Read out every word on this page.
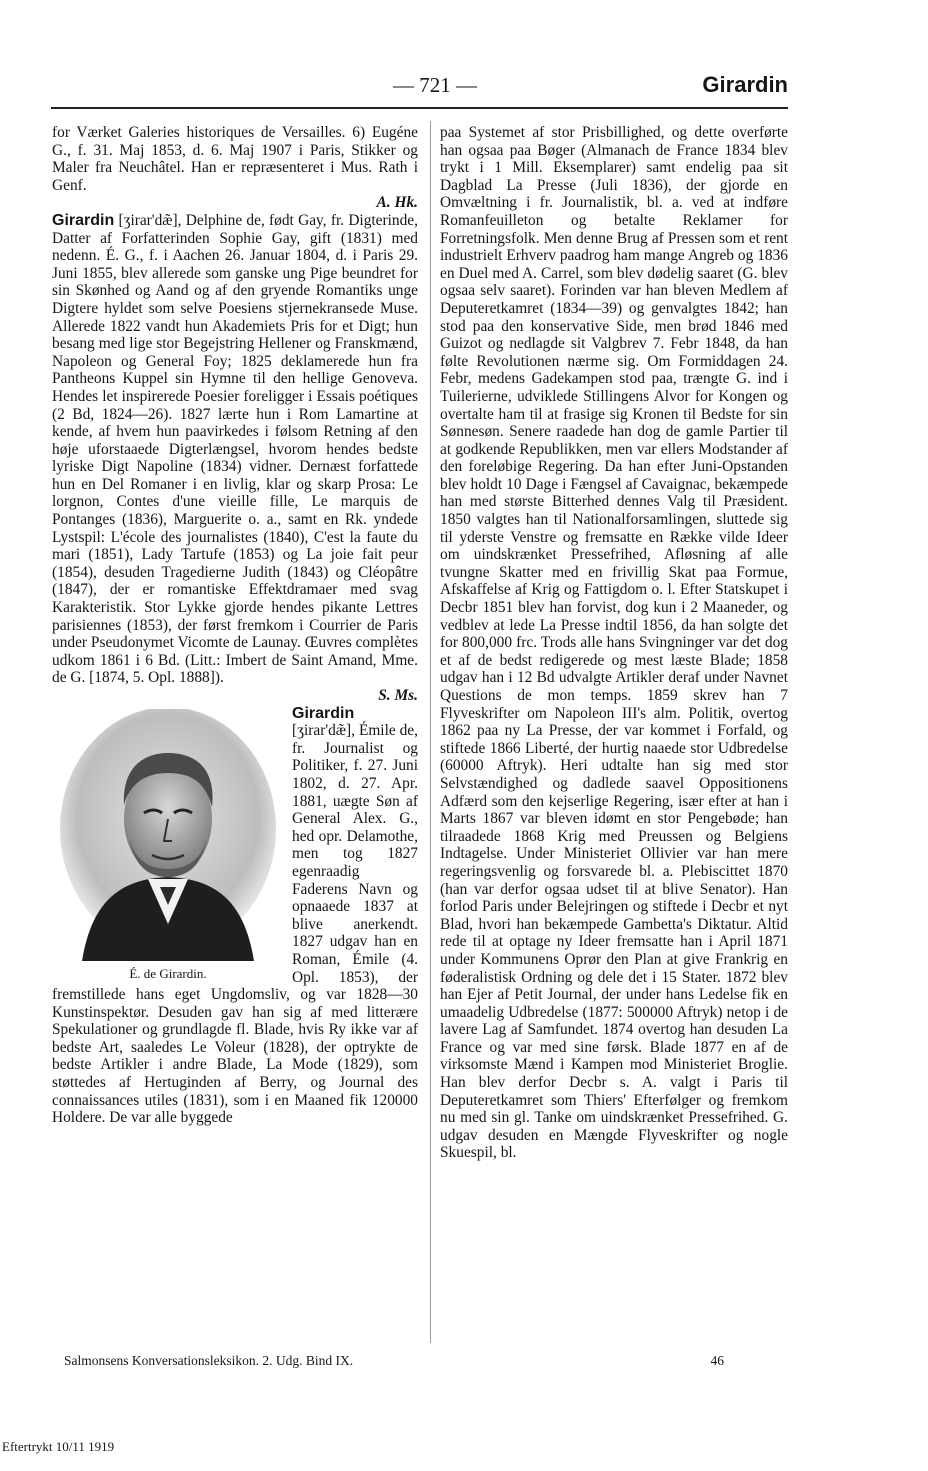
— 721 —	Girardin

for Værket Galeries historiques de Versailles. 6) Eugéne G., f. 31. Maj 1853, d. 6. Maj 1907 i Paris, Stikker og Maler fra Neuchâtel. Han er repræsenteret i Mus. Rath i Genf.

A. Hk.

Girardin [ʒirar'dæ̃], Delphine de, født Gay, fr. Digterinde, Datter af Forfatterinden Sophie Gay, gift (1831) med nedenn. É. G., f. i Aachen 26. Januar 1804, d. i Paris 29. Juni 1855, blev allerede som ganske ung Pige beundret for sin Skønhed og Aand og af den gryende Romantiks unge Digtere hyldet som selve Poesiens stjernekransede Muse. Allerede 1822 vandt hun Akademiets Pris for et Digt; hun besang med lige stor Begejstring Hellener og Franskmænd, Napoleon og General Foy; 1825 deklamerede hun fra Pantheons Kuppel sin Hymne til den hellige Genoveva. Hendes let inspirerede Poesier foreligger i Essais poétiques (2 Bd, 1824—26). 1827 lærte hun i Rom Lamartine at kende, af hvem hun paavirkedes i følsom Retning af den høje uforstaaede Digterlængsel, hvorom hendes bedste lyriske Digt Napoline (1834) vidner. Dernæst forfattede hun en Del Romaner i en livlig, klar og skarp Prosa: Le lorgnon, Contes d'une vieille fille, Le marquis de Pontanges (1836), Marguerite o. a., samt en Rk. yndede Lystspil: L'école des journalistes (1840), C'est la faute du mari (1851), Lady Tartufe (1853) og La joie fait peur (1854), desuden Tragedierne Judith (1843) og Cléopâtre (1847), der er romantiske Effektdramaer med svag Karakteristik. Stor Lykke gjorde hendes pikante Lettres parisiennes (1853), der først fremkom i Courrier de Paris under Pseudonymet Vicomte de Launay. Œuvres complètes udkom 1861 i 6 Bd. (Litt.: Imbert de Saint Amand, Mme. de G. [1874, 5. Opl. 1888]).

S. Ms.

É. de Girardin.

Girardin [ʒirar'dæ̃], Émile de, fr. Journalist og Politiker, f. 27. Juni 1802, d. 27. Apr. 1881, uægte Søn af General Alex. G., hed opr. Delamothe, men tog 1827 egenraadig Faderens Navn og opnaaede 1837 at blive anerkendt. 1827 udgav han en Roman, Émile (4. Opl. 1853), der fremstillede hans eget Ungdomsliv, og var 1828—30 Kunstinspektør. Desuden gav han sig af med litterære Spekulationer og grundlagde fl. Blade, hvis Ry ikke var af bedste Art, saaledes Le Voleur (1828), der optrykte de bedste Artikler i andre Blade, La Mode (1829), som støttedes af Hertuginden af Berry, og Journal des connaissances utiles (1831), som i en Maaned fik 120000 Holdere. De var alle byggede

paa Systemet af stor Prisbillighed, og dette overførte han ogsaa paa Bøger (Almanach de France 1834 blev trykt i 1 Mill. Eksemplarer) samt endelig paa sit Dagblad La Presse (Juli 1836), der gjorde en Omvæltning i fr. Journalistik, bl. a. ved at indføre Romanfeuilleton og betalte Reklamer for Forretningsfolk. Men denne Brug af Pressen som et rent industrielt Erhverv paadrog ham mange Angreb og 1836 en Duel med A. Carrel, som blev dødelig saaret (G. blev ogsaa selv saaret). Forinden var han bleven Medlem af Deputeretkamret (1834—39) og genvalgtes 1842; han stod paa den konservative Side, men brød 1846 med Guizot og nedlagde sit Valgbrev 7. Febr 1848, da han følte Revolutionen nærme sig. Om Formiddagen 24. Febr, medens Gadekampen stod paa, trængte G. ind i Tuilerierne, udviklede Stillingens Alvor for Kongen og overtalte ham til at frasige sig Kronen til Bedste for sin Sønnesøn. Senere raadede han dog de gamle Partier til at godkende Republikken, men var ellers Modstander af den foreløbige Regering. Da han efter Juni-Opstanden blev holdt 10 Dage i Fængsel af Cavaignac, bekæmpede han med største Bitterhed dennes Valg til Præsident. 1850 valgtes han til Nationalforsamlingen, sluttede sig til yderste Venstre og fremsatte en Række vilde Ideer om uindskrænket Pressefrihed, Afløsning af alle tvungne Skatter med en frivillig Skat paa Formue, Afskaffelse af Krig og Fattigdom o. l. Efter Statskupet i Decbr 1851 blev han forvist, dog kun i 2 Maaneder, og vedblev at lede La Presse indtil 1856, da han solgte det for 800,000 frc. Trods alle hans Svingninger var det dog et af de bedst redigerede og mest læste Blade; 1858 udgav han i 12 Bd udvalgte Artikler deraf under Navnet Questions de mon temps. 1859 skrev han 7 Flyveskrifter om Napoleon III's alm. Politik, overtog 1862 paa ny La Presse, der var kommet i Forfald, og stiftede 1866 Liberté, der hurtig naaede stor Udbredelse (60000 Aftryk). Heri udtalte han sig med stor Selvstændighed og dadlede saavel Oppositionens Adfærd som den kejserlige Regering, især efter at han i Marts 1867 var bleven idømt en stor Pengebøde; han tilraadede 1868 Krig med Preussen og Belgiens Indtagelse. Under Ministeriet Ollivier var han mere regeringsvenlig og forsvarede bl. a. Plebiscittet 1870 (han var derfor ogsaa udset til at blive Senator). Han forlod Paris under Belejringen og stiftede i Decbr et nyt Blad, hvori han bekæmpede Gambetta's Diktatur. Altid rede til at optage ny Ideer fremsatte han i April 1871 under Kommunens Oprør den Plan at give Frankrig en føderalistisk Ordning og dele det i 15 Stater. 1872 blev han Ejer af Petit Journal, der under hans Ledelse fik en umaadelig Udbredelse (1877: 500000 Aftryk) netop i de lavere Lag af Samfundet. 1874 overtog han desuden La France og var med sine førsk. Blade 1877 en af de virksomste Mænd i Kampen mod Ministeriet Broglie. Han blev derfor Decbr s. A. valgt i Paris til Deputeretkamret som Thiers' Efterfølger og fremkom nu med sin gl. Tanke om uindskrænket Pressefrihed. G. udgav desuden en Mængde Flyveskrifter og nogle Skuespil, bl.

Salmonsens Konversationsleksikon. 2. Udg. Bind IX.	46
Eftertrykt 10/11 1919
